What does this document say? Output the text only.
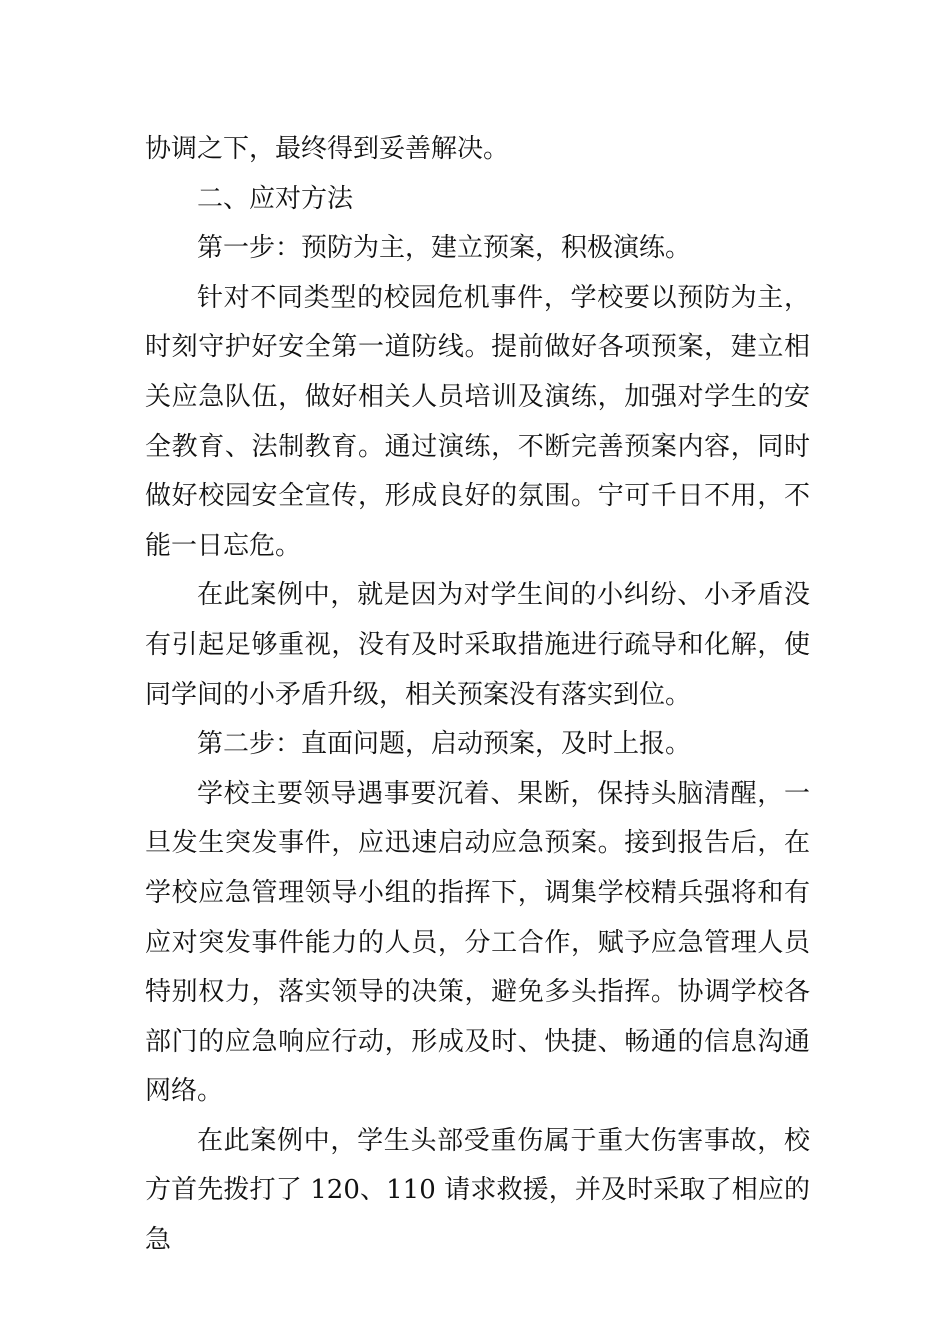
协调之下，最终得到妥善解决。

二、应对方法

第一步：预防为主，建立预案，积极演练。

针对不同类型的校园危机事件，学校要以预防为主，时刻守护好安全第一道防线。提前做好各项预案，建立相关应急队伍，做好相关人员培训及演练，加强对学生的安全教育、法制教育。通过演练，不断完善预案内容，同时做好校园安全宣传，形成良好的氛围。宁可千日不用，不能一日忘危。

在此案例中，就是因为对学生间的小纠纷、小矛盾没有引起足够重视，没有及时采取措施进行疏导和化解，使同学间的小矛盾升级，相关预案没有落实到位。

第二步：直面问题，启动预案，及时上报。

学校主要领导遇事要沉着、果断，保持头脑清醒，一旦发生突发事件，应迅速启动应急预案。接到报告后，在学校应急管理领导小组的指挥下，调集学校精兵强将和有应对突发事件能力的人员，分工合作，赋予应急管理人员特别权力，落实领导的决策，避免多头指挥。协调学校各部门的应急响应行动，形成及时、快捷、畅通的信息沟通网络。

在此案例中，学生头部受重伤属于重大伤害事故，校方首先拨打了 120、110 请求救援，并及时采取了相应的急
